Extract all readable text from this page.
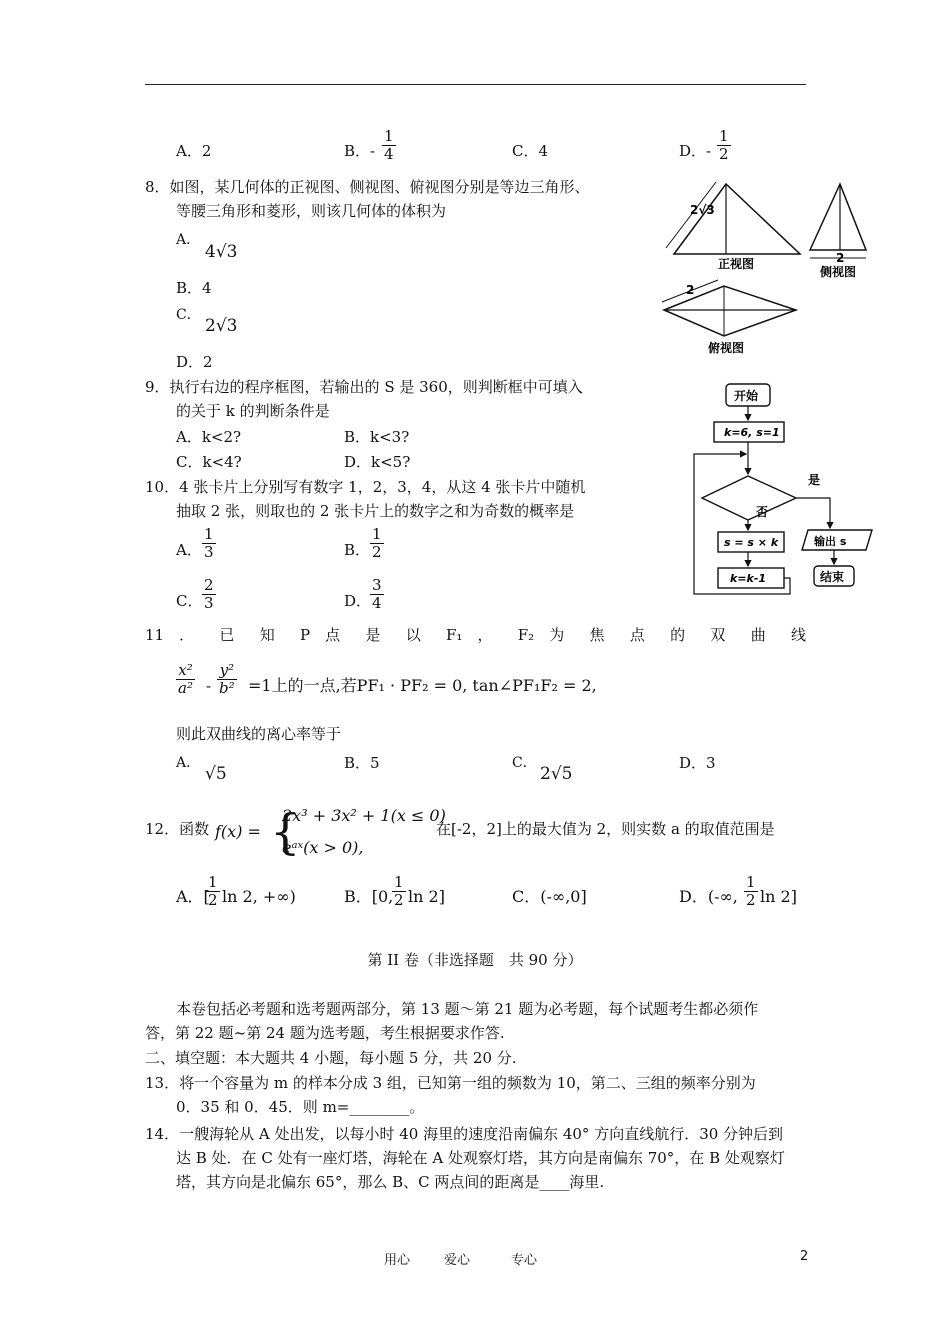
A．2	B．- $\frac{1}{4}$	C．4	D．- $\frac{1}{2}$
8．如图，某几何体的正视图、侧视图、俯视图分别是等边三角形、
等腰三角形和菱形，则该几何体的体积为
A．
4√3
B．4
C．
2√3
D．2
2√3
正视图	2
侧视图
2
俯视图
9．执行右边的程序框图，若输出的 S 是 360，则判断框中可填入
的关于 k 的判断条件是
A．k<2?	B．k<3?
C．k<4?	D．k<5?
开始
k=6, s=1
是
否
s = s × k
k=k-1
输出 s
结束
10．4 张卡片上分别写有数字 1，2，3，4，从这 4 张卡片中随机
抽取 2 张，则取也的 2 张卡片上的数字之和为奇数的概率是
A． $\frac{1}{3}$	B． $\frac{1}{2}$
C． $\frac{2}{3}$	D．
$\frac{3}{4}$
11 ． 已 知 P 点 是 以 F₁ ， F₂ 为 焦 点 的 双 曲 线
$\frac{\text{x²}}{\text{a²}} - \frac{\text{y²}}{\text{b²}} =1$上的一点,若PF₁ · PF₂ = 0, tan∠PF₁F₂ = 2,
则此双曲线的离心率等于
A．
√5
B．5	C．
2√5
D．3
12．函数 f(x) = {
2x³ + 3x² + 1(x ≤ 0)
eᵃˣ(x > 0),
在[-2，2]上的最大值为 2，则实数 a 的取值范围是
A．[
$\frac{1}{2}$ ln 2, +∞)	B．[0,
$\frac{1}{2}$ ln 2]	C．(-∞,0]	D．(-∞, $\frac{1}{2}$ ln 2]
第 II 卷（非选择题　共 90 分）
本卷包括必考题和选考题两部分，第 13 题～第 21 题为必考题，每个试题考生都必须作
答，第 22 题~第 24 题为选考题，考生根据要求作答.
二、填空题：本大题共 4 小题，每小题 5 分，共 20 分.
13．将一个容量为 m 的样本分成 3 组，已知第一组的频数为 10，第二、三组的频率分别为
0．35 和 0．45．则 m=________。
14．一艘海轮从 A 处出发，以每小时 40 海里的速度沿南偏东 40° 方向直线航行．30 分钟后到
达 B 处．在 C 处有一座灯塔，海轮在 A 处观察灯塔，其方向是南偏东 70°，在 B 处观察灯
塔，其方向是北偏东 65°，那么 B、C 两点间的距离是____海里.
用心	爱心	专心	2
